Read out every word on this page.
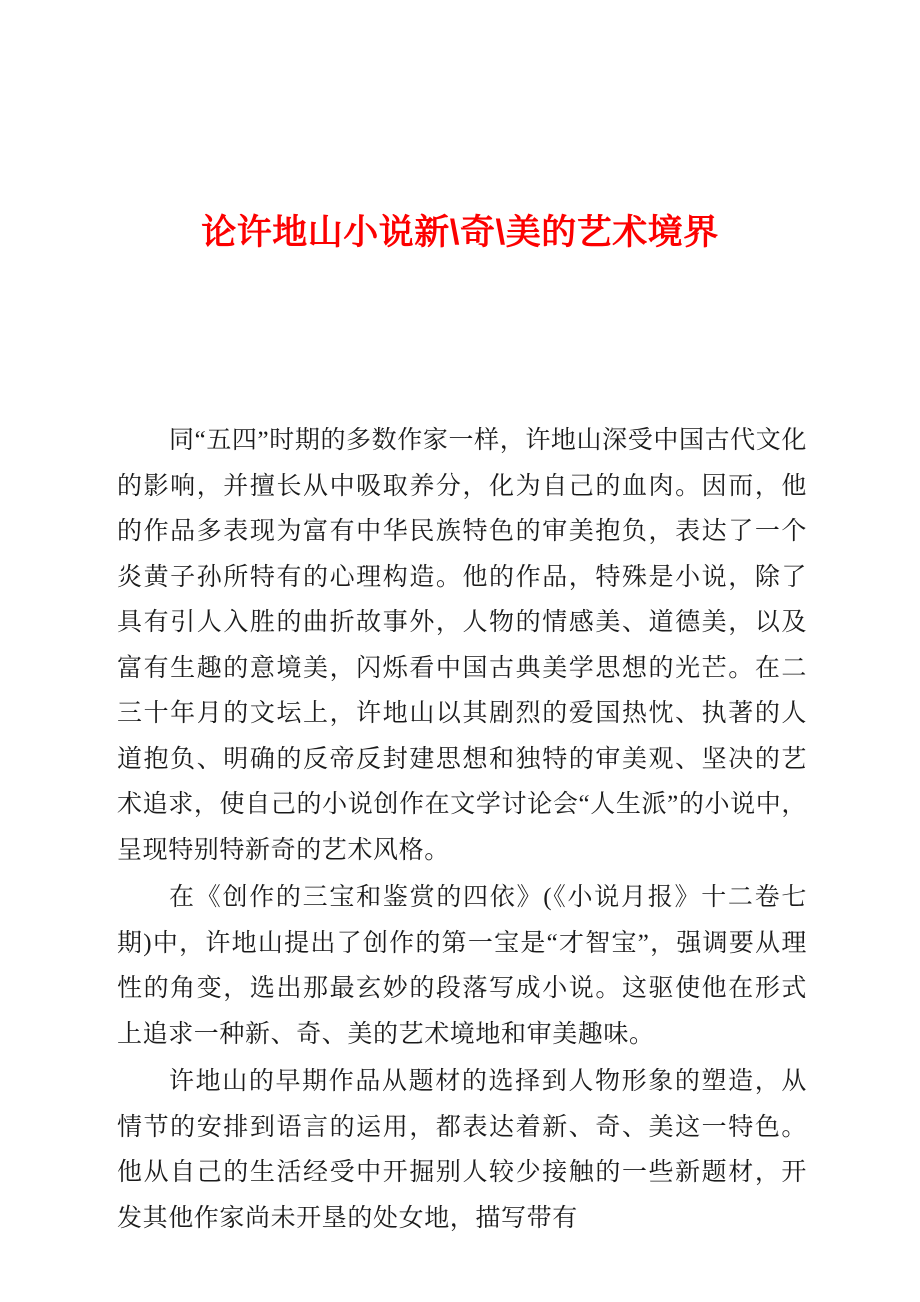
论许地山小说新\奇\美的艺术境界

同“五四”时期的多数作家一样，许地山深受中国古代文化的影响，并擅长从中吸取养分，化为自己的血肉。因而，他的作品多表现为富有中华民族特色的审美抱负，表达了一个炎黄子孙所特有的心理构造。他的作品，特殊是小说，除了具有引人入胜的曲折故事外，人物的情感美、道德美，以及富有生趣的意境美，闪烁看中国古典美学思想的光芒。在二三十年月的文坛上，许地山以其剧烈的爱国热忱、执著的人道抱负、明确的反帝反封建思想和独特的审美观、坚决的艺术追求，使自己的小说创作在文学讨论会“人生派”的小说中，呈现特别特新奇的艺术风格。

在《创作的三宝和鉴赏的四依》(《小说月报》十二卷七期)中，许地山提出了创作的第一宝是“才智宝”，强调要从理性的角变，选出那最玄妙的段落写成小说。这驱使他在形式上追求一种新、奇、美的艺术境地和审美趣味。

许地山的早期作品从题材的选择到人物形象的塑造，从情节的安排到语言的运用，都表达着新、奇、美这一特色。他从自己的生活经受中开掘别人较少接触的一些新题材，开发其他作家尚未开垦的处女地，描写带有
